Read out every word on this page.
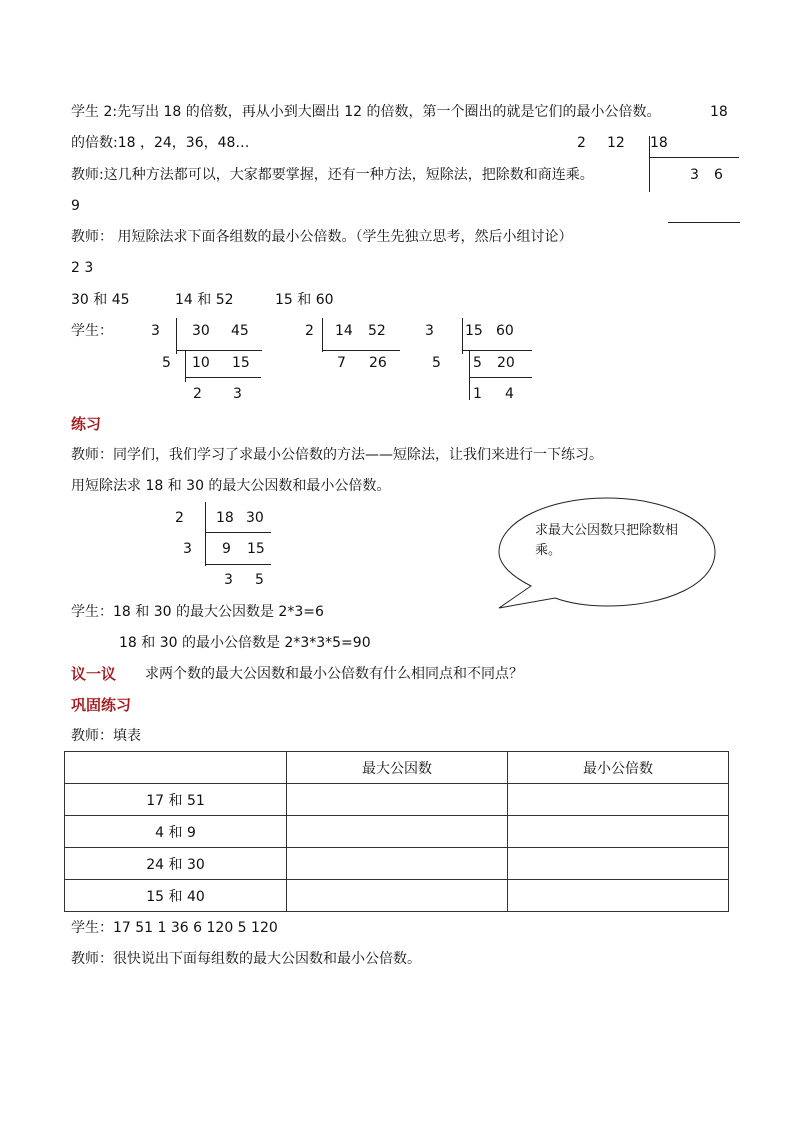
学生 2:先写出 18 的倍数，再从小到大圈出 12 的倍数，第一个圈出的就是它们的最小公倍数。	18
的倍数:18 ，24，36，48…	2 12 18
3 6
教师:这几种方法都可以，大家都要掌握，还有一种方法，短除法，把除数和商连乘。
9
教师： 用短除法求下面各组数的最小公倍数。（学生先独立思考，然后小组讨论）
2 3
30 和 45	14 和 52	15 和 60
学生：	3 30 45
5 10 15
2 3
2 14 52
7 26
3 15 60
5 5 20
1 4
练习
教师：同学们，我们学习了求最小公倍数的方法——短除法，让我们来进行一下练习。
用短除法求 18 和 30 的最大公因数和最小公倍数。
2 18 30
3 9 15
3 5
求最大公因数只把除数相乘。
学生：18 和 30 的最大公因数是 2*3=6
18 和 30 的最小公倍数是 2*3*3*5=90
议一议 求两个数的最大公因数和最小公倍数有什么相同点和不同点？
巩固练习
教师：填表
	最大公因数	最小公倍数
17 和 51		
4 和 9		
24 和 30		
15 和 40		
学生：17 51 1 36 6 120 5 120
教师：很快说出下面每组数的最大公因数和最小公倍数。
